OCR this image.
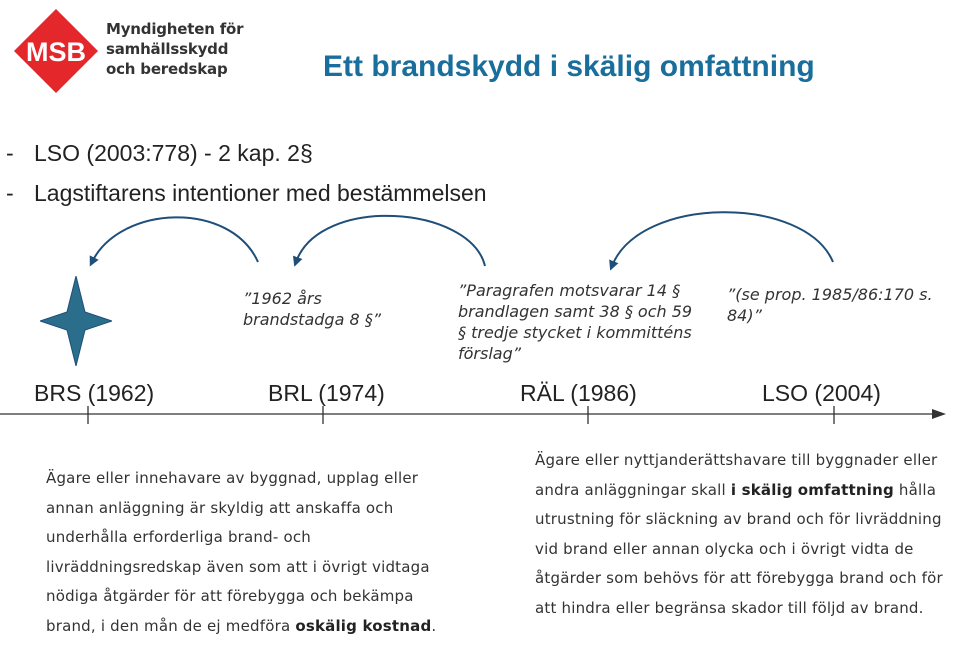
MSB
Myndigheten för
samhällsskydd
och beredskap	Ett brandskydd i skälig omfattning
- LSO (2003:778) - 2 kap. 2§
- Lagstiftarens intentioner med bestämmelsen
”1962 års brandstadga 8 §”
”Paragrafen motsvarar 14 § brandlagen samt 38 § och 59 § tredje stycket i kommitténs förslag”
”(se prop. 1985/86:170 s. 84)”
BRS (1962)	BRL (1974)	RÄL (1986)	LSO (2004)
Ägare eller innehavare av byggnad, upplag eller annan anläggning är skyldig att anskaffa och underhålla erforderliga brand- och livräddningsredskap även som att i övrigt vidtaga nödiga åtgärder för att förebygga och bekämpa brand, i den mån de ej medföra oskälig kostnad.
Ägare eller nyttjanderättshavare till byggnader eller andra anläggningar skall i skälig omfattning hålla utrustning för släckning av brand och för livräddning vid brand eller annan olycka och i övrigt vidta de åtgärder som behövs för att förebygga brand och för att hindra eller begränsa skador till följd av brand.
